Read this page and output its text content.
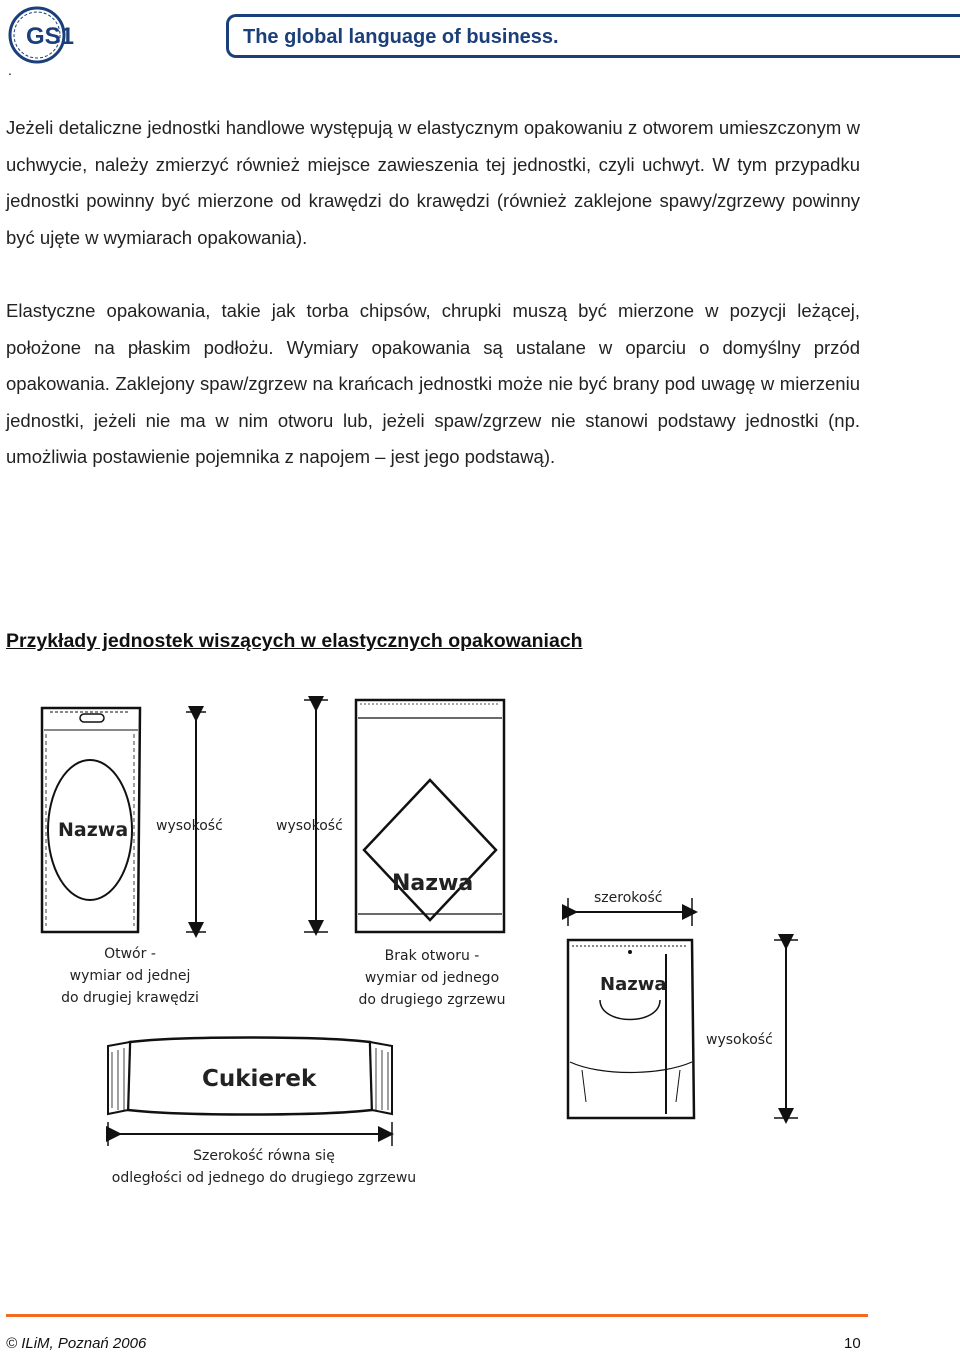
GS1	The global language of business.
.

Jeżeli detaliczne jednostki handlowe występują w elastycznym opakowaniu z otworem umieszczonym w uchwycie, należy zmierzyć również miejsce zawieszenia tej jednostki, czyli uchwyt. W tym przypadku jednostki powinny być mierzone od krawędzi do krawędzi (również zaklejone spawy/zgrzewy powinny być ujęte w wymiarach opakowania).

Elastyczne opakowania, takie jak torba chipsów, chrupki muszą być mierzone w pozycji leżącej, położone na płaskim podłożu. Wymiary opakowania są ustalane w oparciu o domyślny przód opakowania. Zaklejony spaw/zgrzew na krańcach jednostki może nie być brany pod uwagę w mierzeniu jednostki, jeżeli nie ma w nim otworu lub, jeżeli spaw/zgrzew nie stanowi podstawy jednostki (np. umożliwia postawienie pojemnika z napojem – jest jego podstawą).

Przykłady jednostek wiszących w elastycznych opakowaniach
Nazwa wysokość
Otwór -
wymiar od jednej
do drugiej krawędzi
Nazwa
wysokość
Brak otworu -
wymiar od jednego
do drugiego zgrzewu
Cukierek
Szerokość równa się
odległości od jednego do drugiego zgrzewu
Nazwa
szerokość
wysokość
© ILiM, Poznań 2006	10
